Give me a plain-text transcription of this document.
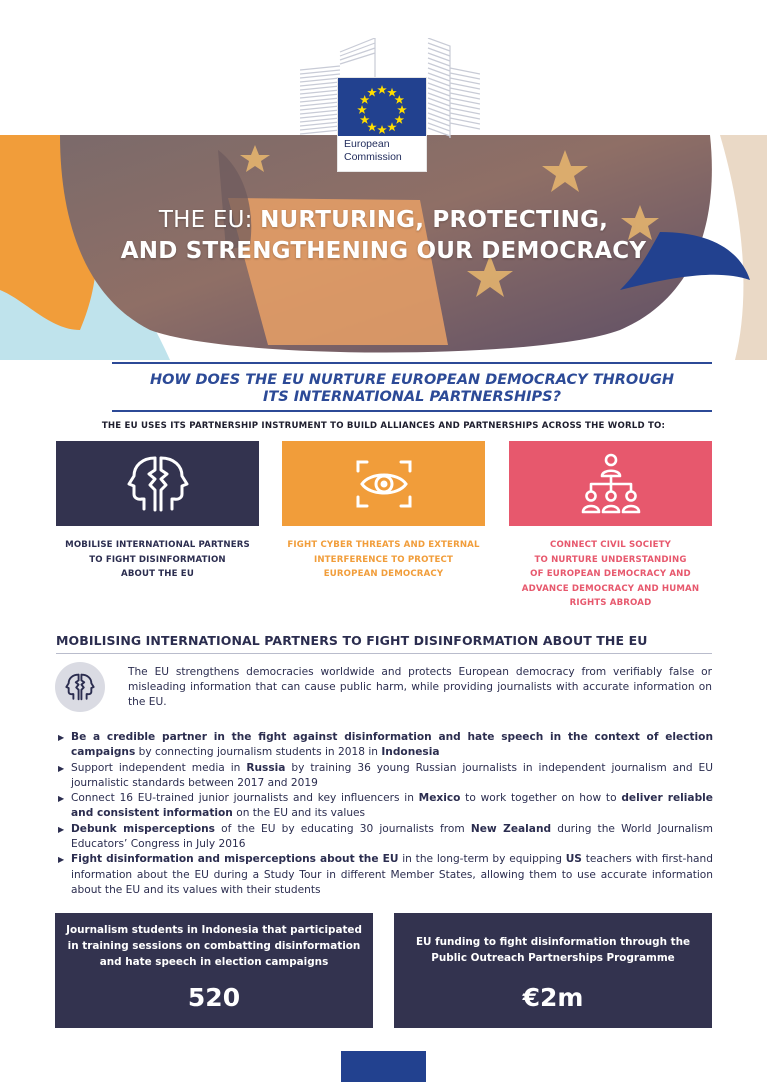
European
Commission
THE EU: NURTURING, PROTECTING,
AND STRENGTHENING OUR DEMOCRACY
HOW DOES THE EU NURTURE EUROPEAN DEMOCRACY THROUGH
ITS INTERNATIONAL PARTNERSHIPS?
THE EU USES ITS PARTNERSHIP INSTRUMENT TO BUILD ALLIANCES AND PARTNERSHIPS ACROSS THE WORLD TO:
MOBILISE INTERNATIONAL PARTNERS
TO FIGHT DISINFORMATION
ABOUT THE EU
FIGHT CYBER THREATS AND EXTERNAL
INTERFERENCE TO PROTECT
EUROPEAN DEMOCRACY
CONNECT CIVIL SOCIETY
TO NURTURE UNDERSTANDING
OF EUROPEAN DEMOCRACY AND
ADVANCE DEMOCRACY AND HUMAN
RIGHTS ABROAD
MOBILISING INTERNATIONAL PARTNERS TO FIGHT DISINFORMATION ABOUT THE EU
The EU strengthens democracies worldwide and protects European democracy from verifiably false or misleading information that can cause public harm, while providing journalists with accurate information on the EU.
▶ Be a credible partner in the fight against disinformation and hate speech in the context of election campaigns by connecting journalism students in 2018 in Indonesia
▶ Support independent media in Russia by training 36 young Russian journalists in independent journalism and EU journalistic standards between 2017 and 2019
▶ Connect 16 EU-trained junior journalists and key influencers in Mexico to work together on how to deliver reliable and consistent information on the EU and its values
▶ Debunk misperceptions of the EU by educating 30 journalists from New Zealand during the World Journalism Educators’ Congress in July 2016
▶ Fight disinformation and misperceptions about the EU in the long-term by equipping US teachers with first-hand information about the EU during a Study Tour in different Member States, allowing them to use accurate information about the EU and its values with their students
Journalism students in Indonesia that participated in training sessions on combatting disinformation and hate speech in election campaigns
520
EU funding to fight disinformation through the Public Outreach Partnerships Programme
€2m
